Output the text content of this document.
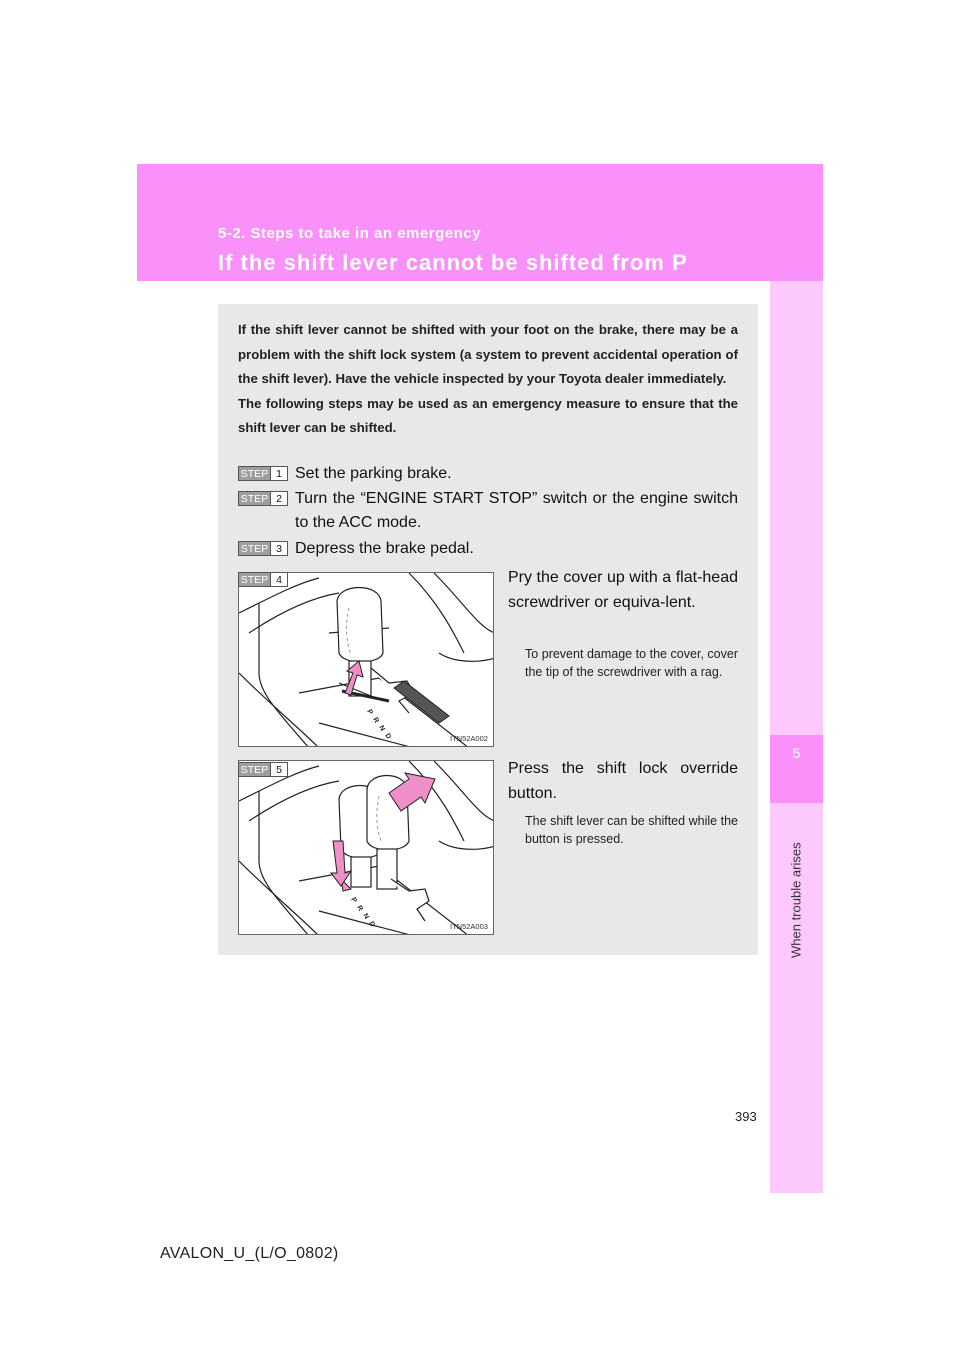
5-2. Steps to take in an emergency
If the shift lever cannot be shifted from P
5
When trouble arises

If the shift lever cannot be shifted with your foot on the brake, there may be a problem with the shift lock system (a system to prevent accidental operation of the shift lever). Have the vehicle inspected by your Toyota dealer immediately.

The following steps may be used as an emergency measure to ensure that the shift lever can be shifted.

STEP 1 Set the parking brake.
STEP 2 Turn the “ENGINE START STOP” switch or the engine switch to the ACC mode.
STEP 3 Depress the brake pedal.
P
R
N
D
STEP 4
ITN52A002
Pry the cover up with a flat-head screwdriver or equiva-lent.
To prevent damage to the cover, cover the tip of the screwdriver with a rag.
P
R
N
D
STEP 5
ITN52A003
Press the shift lock override button.
The shift lever can be shifted while the button is pressed.
393
AVALON_U_(L/O_0802)
